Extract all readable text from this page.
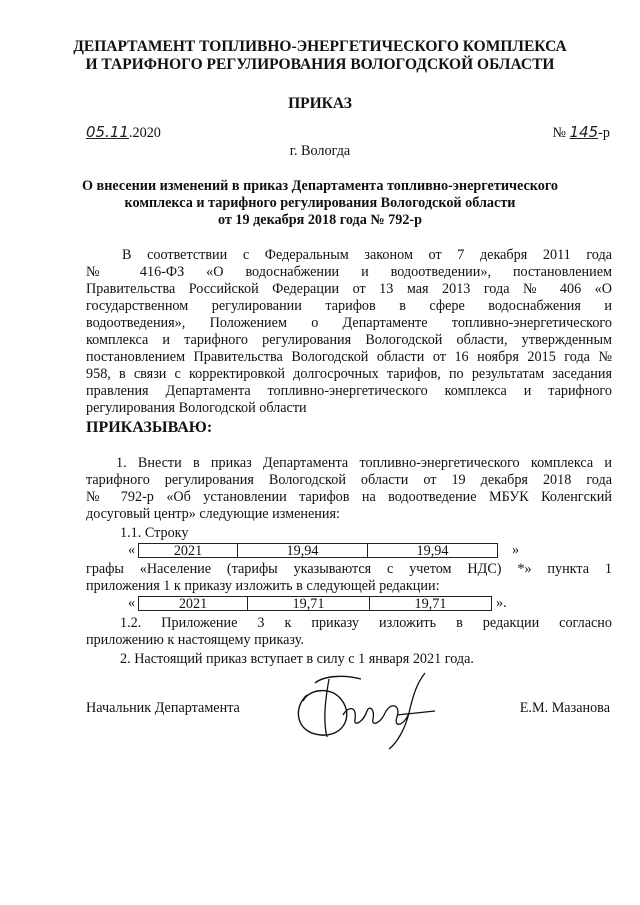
ДЕПАРТАМЕНТ ТОПЛИВНО-ЭНЕРГЕТИЧЕСКОГО КОМПЛЕКСА
И ТАРИФНОГО РЕГУЛИРОВАНИЯ ВОЛОГОДСКОЙ ОБЛАСТИ
ПРИКАЗ
05.11.2020	№ 145-р
г. Вологда
О внесении изменений в приказ Департамента топливно-энергетического
комплекса и тарифного регулирования Вологодской области
от 19 декабря 2018 года № 792-р
В соответствии с Федеральным законом от 7 декабря 2011 года
№ 416-ФЗ «О водоснабжении и водоотведении», постановлением
Правительства Российской Федерации от 13 мая 2013 года № 406 «О
государственном регулировании тарифов в сфере водоснабжения и
водоотведения», Положением о Департаменте топливно-энергетического
комплекса и тарифного регулирования Вологодской области, утвержденным
постановлением Правительства Вологодской области от 16 ноября 2015 года №
958, в связи с корректировкой долгосрочных тарифов, по результатам заседания
правления Департамента топливно-энергетического комплекса и тарифного
регулирования Вологодской области
ПРИКАЗЫВАЮ:
1. Внести в приказ Департамента топливно-энергетического комплекса и
тарифного регулирования Вологодской области от 19 декабря 2018 года
№ 792-р «Об установлении тарифов на водоотведение МБУК Коленгский
досуговый центр» следующие изменения:
1.1. Строку
«	2021	19,94	19,94	»
графы «Население (тарифы указываются с учетом НДС) *» пункта 1
приложения 1 к приказу изложить в следующей редакции:
«	2021	19,71	19,71	».
1.2. Приложение 3 к приказу изложить в редакции согласно
приложению к настоящему приказу.
2. Настоящий приказ вступает в силу с 1 января 2021 года.
Начальник Департамента	Е.М. Мазанова
